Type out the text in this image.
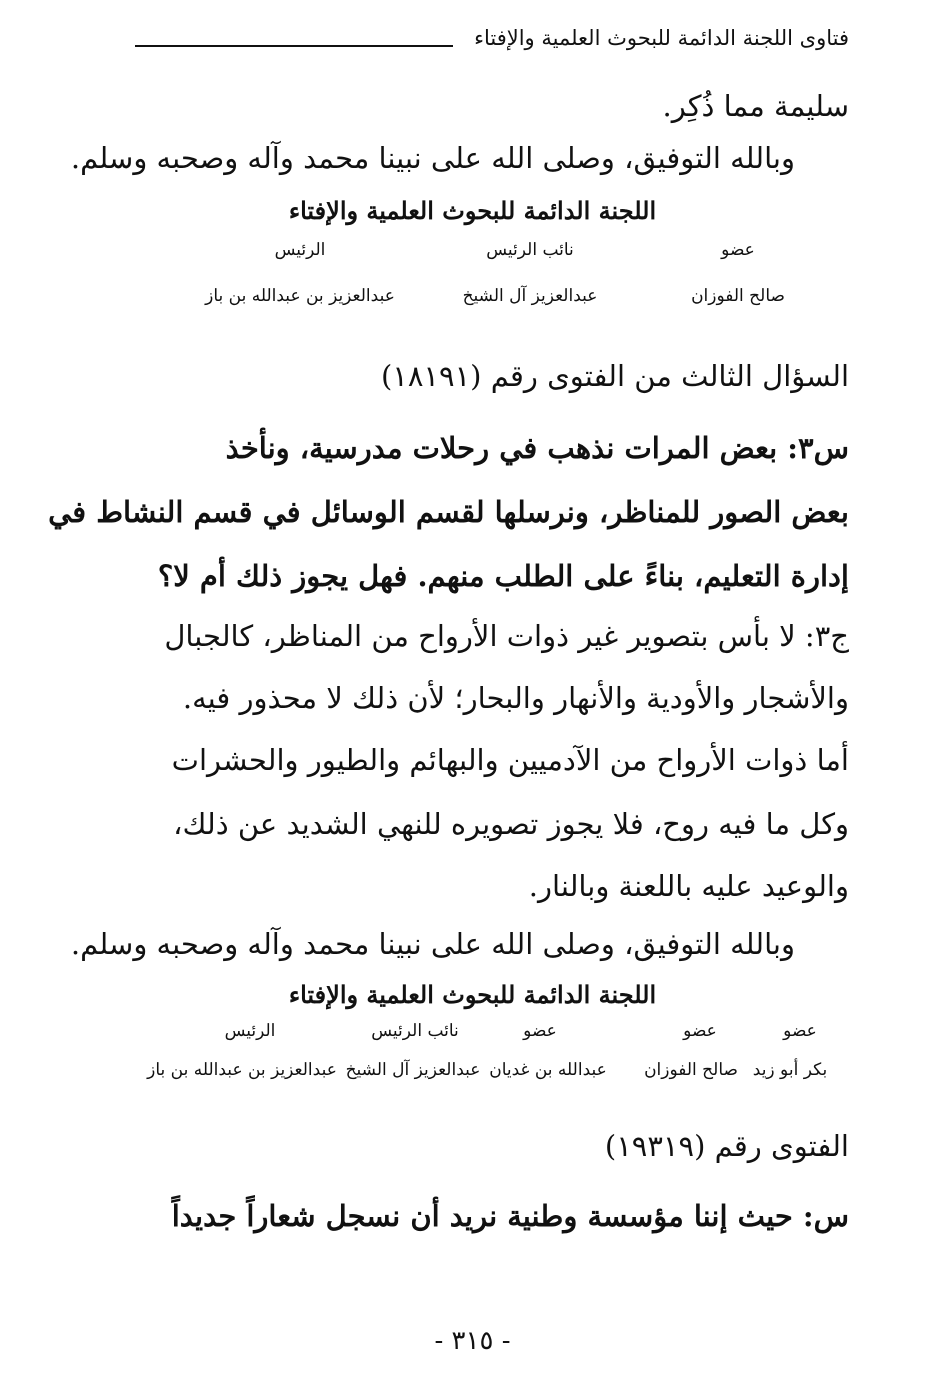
فتاوى اللجنة الدائمة للبحوث العلمية والإفتاء
سليمة مما ذُكِر.
وبالله التوفيق، وصلى الله على نبينا محمد وآله وصحبه وسلم.
اللجنة الدائمة للبحوث العلمية والإفتاء
عضو
صالح الفوزان
نائب الرئيس
عبدالعزيز آل الشيخ
الرئيس
عبدالعزيز بن عبدالله بن باز
السؤال الثالث من الفتوى رقم (١٨١٩١)
س٣: بعض المرات نذهب في رحلات مدرسية، ونأخذ
بعض الصور للمناظر، ونرسلها لقسم الوسائل في قسم النشاط في
إدارة التعليم، بناءً على الطلب منهم. فهل يجوز ذلك أم لا؟
ج٣: لا بأس بتصوير غير ذوات الأرواح من المناظر، كالجبال
والأشجار والأودية والأنهار والبحار؛ لأن ذلك لا محذور فيه.
أما ذوات الأرواح من الآدميين والبهائم والطيور والحشرات
وكل ما فيه روح، فلا يجوز تصويره للنهي الشديد عن ذلك،
والوعيد عليه باللعنة وبالنار.
وبالله التوفيق، وصلى الله على نبينا محمد وآله وصحبه وسلم.
اللجنة الدائمة للبحوث العلمية والإفتاء
عضو
بكر أبو زيد
عضو
صالح الفوزان
عضو
عبدالله بن غديان
نائب الرئيس
عبدالعزيز آل الشيخ
الرئيس
عبدالعزيز بن عبدالله بن باز
الفتوى رقم (١٩٣١٩)
س: حيث إننا مؤسسة وطنية نريد أن نسجل شعاراً جديداً
- ٣١٥ -
